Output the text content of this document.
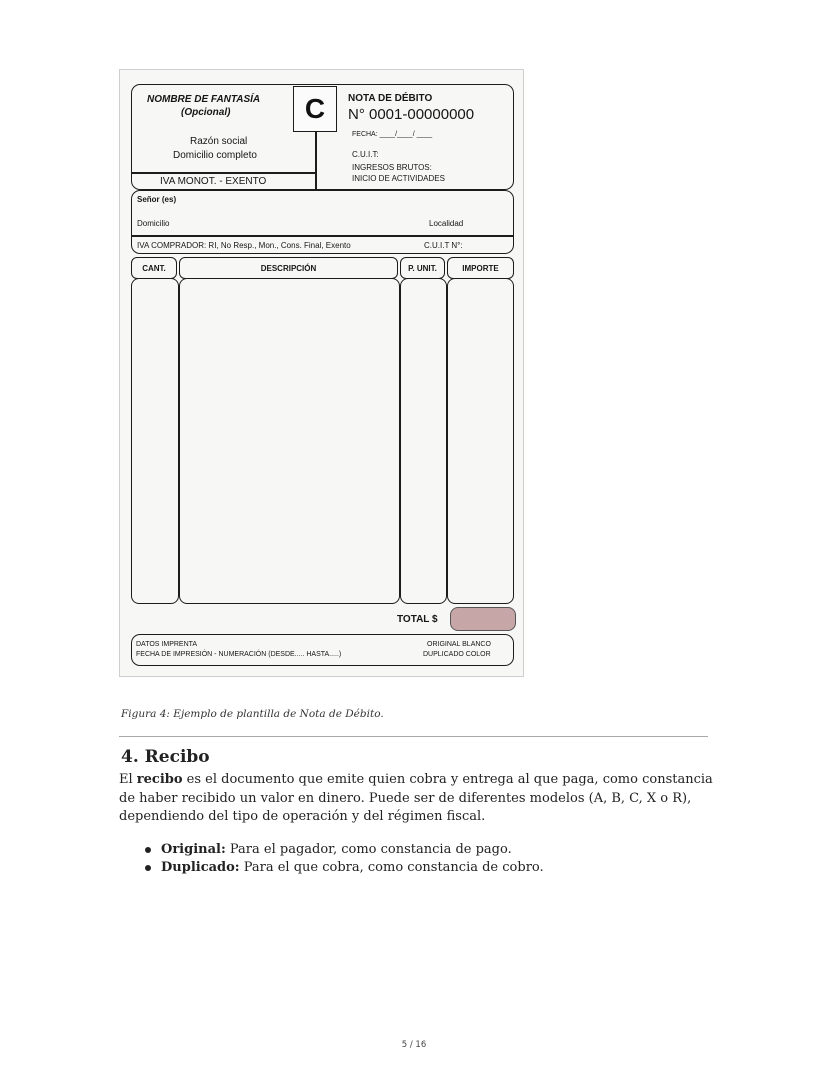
C
NOMBRE DE FANTASÍA
(Opcional)
Razón social
Domicilio completo
IVA MONOT. - EXENTO
NOTA DE DÉBITO
N° 0001-00000000
FECHA: ____/____/ ____
C.U.I.T:
INGRESOS BRUTOS:
INICIO DE ACTIVIDADES
Señor (es)
Domicilio	Localidad
IVA COMPRADOR: RI, No Resp., Mon., Cons. Final, Exento	C.U.I.T N°:
CANT.	DESCRIPCIÓN	P. UNIT.	IMPORTE
TOTAL $
DATOS IMPRENTA
FECHA DE IMPRESIÓN - NUMERACIÓN (DESDE..... HASTA.....)
ORIGINAL BLANCO
DUPLICADO COLOR
Figura 4: Ejemplo de plantilla de Nota de Débito.
4. Recibo

El recibo es el documento que emite quien cobra y entrega al que paga, como constancia de haber recibido un valor en dinero. Puede ser de diferentes modelos (A, B, C, X o R), dependiendo del tipo de operación y del régimen fiscal.

Original: Para el pagador, como constancia de pago.
Duplicado: Para el que cobra, como constancia de cobro.
5 / 16
